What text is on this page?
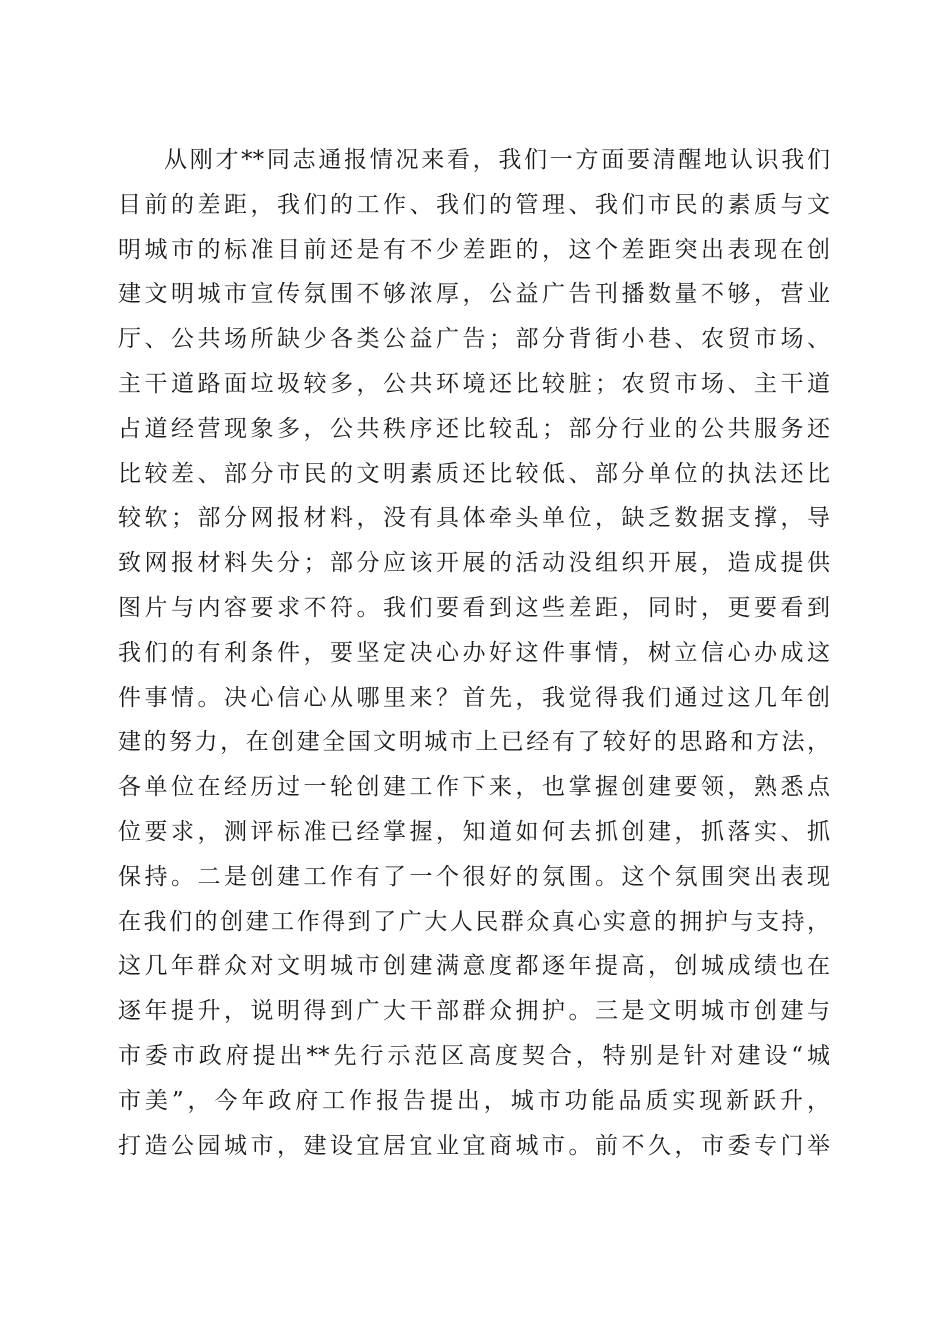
从刚才**同志通报情况来看，我们一方面要清醒地认识我们
目前的差距，我们的工作、我们的管理、我们市民的素质与文
明城市的标准目前还是有不少差距的，这个差距突出表现在创
建文明城市宣传氛围不够浓厚，公益广告刊播数量不够，营业
厅、公共场所缺少各类公益广告；部分背街小巷、农贸市场、
主干道路面垃圾较多，公共环境还比较脏；农贸市场、主干道
占道经营现象多，公共秩序还比较乱；部分行业的公共服务还
比较差、部分市民的文明素质还比较低、部分单位的执法还比
较软；部分网报材料，没有具体牵头单位，缺乏数据支撑，导
致网报材料失分；部分应该开展的活动没组织开展，造成提供
图片与内容要求不符。我们要看到这些差距，同时，更要看到
我们的有利条件，要坚定决心办好这件事情，树立信心办成这
件事情。决心信心从哪里来？首先，我觉得我们通过这几年创
建的努力，在创建全国文明城市上已经有了较好的思路和方法，
各单位在经历过一轮创建工作下来，也掌握创建要领，熟悉点
位要求，测评标准已经掌握，知道如何去抓创建，抓落实、抓
保持。二是创建工作有了一个很好的氛围。这个氛围突出表现
在我们的创建工作得到了广大人民群众真心实意的拥护与支持，
这几年群众对文明城市创建满意度都逐年提高，创城成绩也在
逐年提升，说明得到广大干部群众拥护。三是文明城市创建与
市委市政府提出**先行示范区高度契合，特别是针对建设“城
市美”，今年政府工作报告提出，城市功能品质实现新跃升，
打造公园城市，建设宜居宜业宜商城市。前不久，市委专门举
